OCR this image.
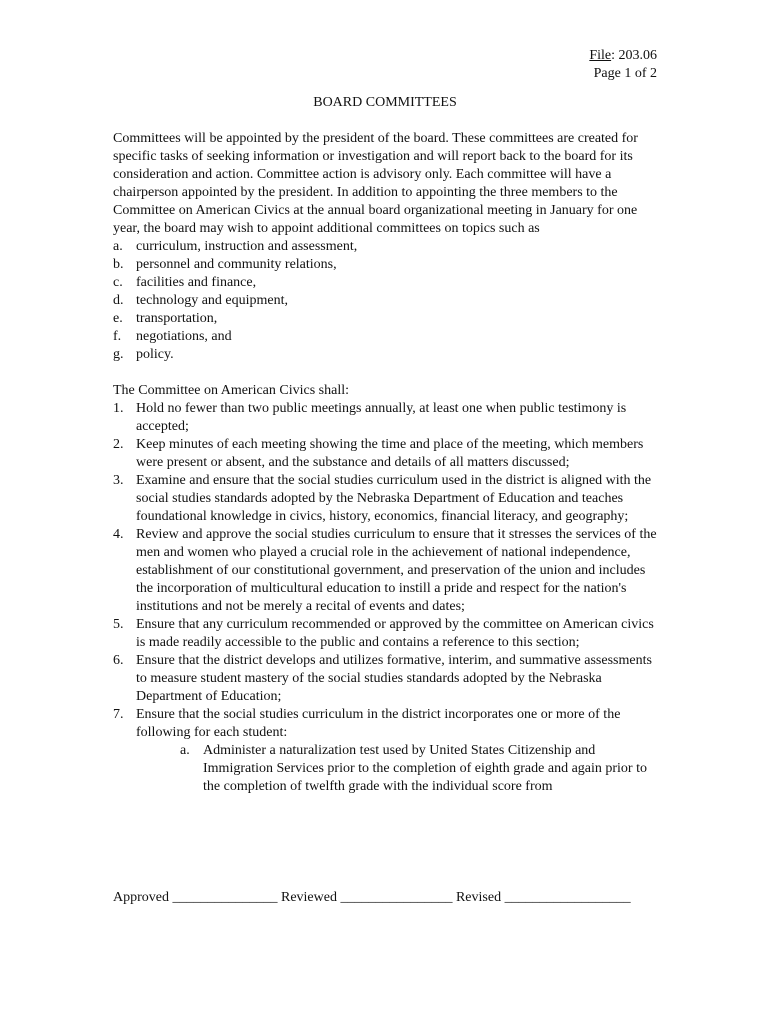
File: 203.06
Page 1 of 2
BOARD COMMITTEES

Committees will be appointed by the president of the board. These committees are created for specific tasks of seeking information or investigation and will report back to the board for its consideration and action. Committee action is advisory only. Each committee will have a chairperson appointed by the president. In addition to appointing the three members to the Committee on American Civics at the annual board organizational meeting in January for one year, the board may wish to appoint additional committees on topics such as

a. curriculum, instruction and assessment,
b. personnel and community relations,
c. facilities and finance,
d. technology and equipment,
e. transportation,
f.	negotiations, and
g. policy.

The Committee on American Civics shall:

1. Hold no fewer than two public meetings annually, at least one when public testimony is accepted;
2. Keep minutes of each meeting showing the time and place of the meeting, which members were present or absent, and the substance and details of all matters discussed;
3. Examine and ensure that the social studies curriculum used in the district is aligned with the social studies standards adopted by the Nebraska Department of Education and teaches foundational knowledge in civics, history, economics, financial literacy, and geography;
4. Review and approve the social studies curriculum to ensure that it stresses the services of the men and women who played a crucial role in the achievement of national independence, establishment of our constitutional government, and preservation of the union and includes the incorporation of multicultural education to instill a pride and respect for the nation's institutions and not be merely a recital of events and dates;
5. Ensure that any curriculum recommended or approved by the committee on American civics is made readily accessible to the public and contains a reference to this section;
6. Ensure that the district develops and utilizes formative, interim, and summative assessments to measure student mastery of the social studies standards adopted by the Nebraska Department of Education;
7. Ensure that the social studies curriculum in the district incorporates one or more of the following for each student:
a. Administer a naturalization test used by United States Citizenship and Immigration Services prior to the completion of eighth grade and again prior to the completion of twelfth grade with the individual score from
Approved _______________ Reviewed ________________ Revised __________________
